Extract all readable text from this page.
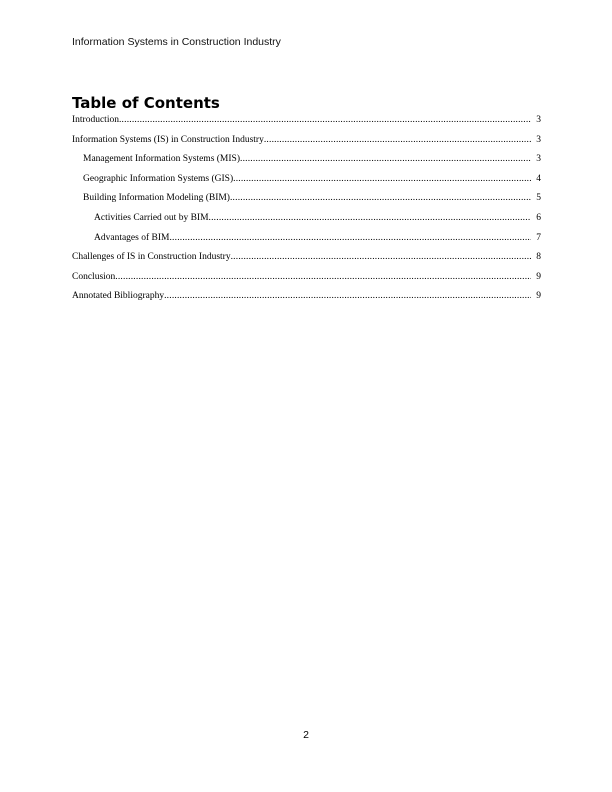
Information Systems in Construction Industry
Table of Contents
Introduction .....	3
Information Systems (IS) in Construction Industry .....	3
Management Information Systems (MIS) .....	3
Geographic Information Systems (GIS) .....	4
Building Information Modeling (BIM) .....	5
Activities Carried out by BIM .....	6
Advantages of BIM .....	7
Challenges of IS in Construction Industry .....	8
Conclusion .....	9
Annotated Bibliography .....	9
2
